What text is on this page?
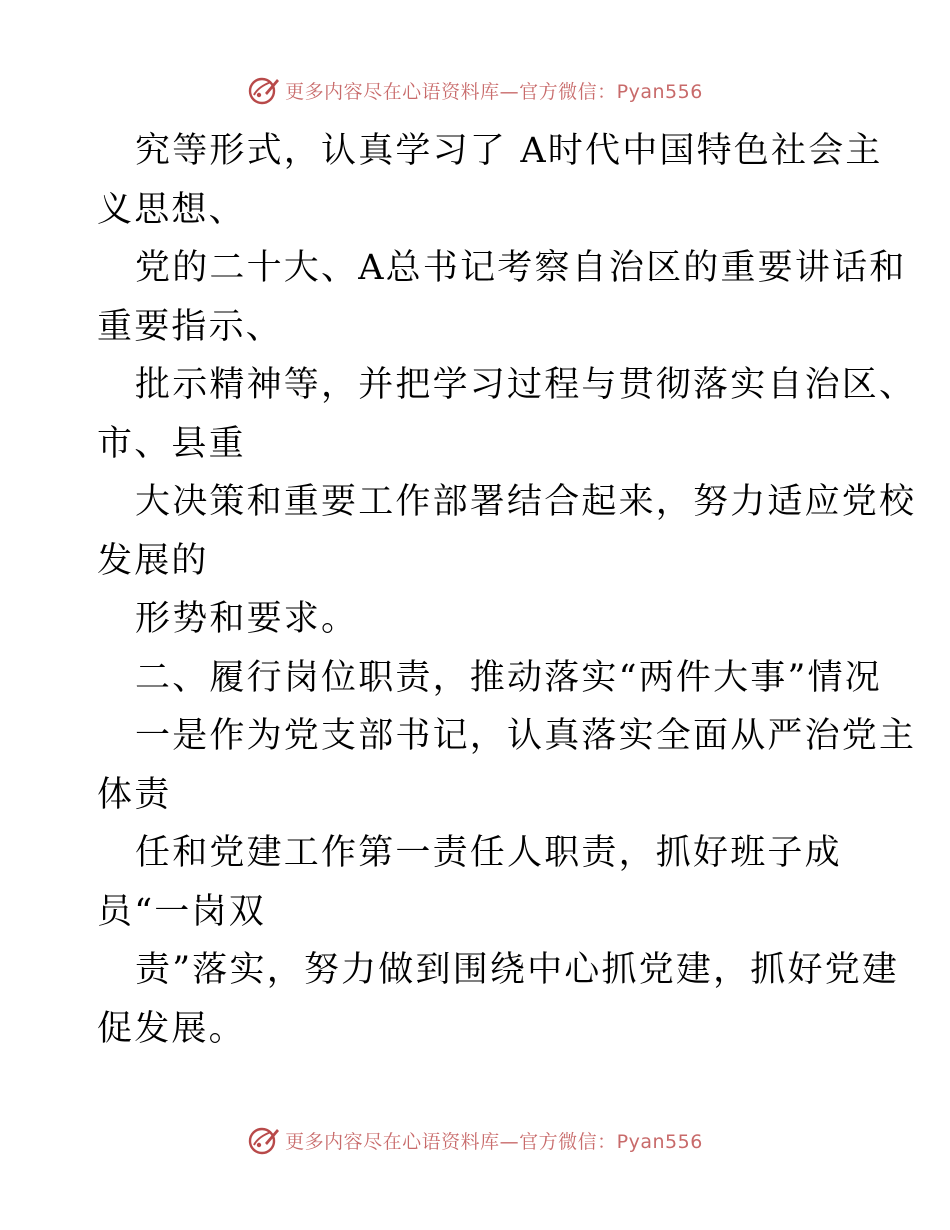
更多内容尽在心语资料库—官方微信：Pyan556
究等形式，认真学习了 A时代中国特色社会主
义思想、
党的二十大、A总书记考察自治区的重要讲话和
重要指示、
批示精神等，并把学习过程与贯彻落实自治区、
市、县重
大决策和重要工作部署结合起来，努力适应党校
发展的
形势和要求。
二、履行岗位职责，推动落实“两件大事”情况
一是作为党支部书记，认真落实全面从严治党主
体责
任和党建工作第一责任人职责，抓好班子成
员“一岗双
责”落实，努力做到围绕中心抓党建，抓好党建
促发展。
更多内容尽在心语资料库—官方微信：Pyan556
